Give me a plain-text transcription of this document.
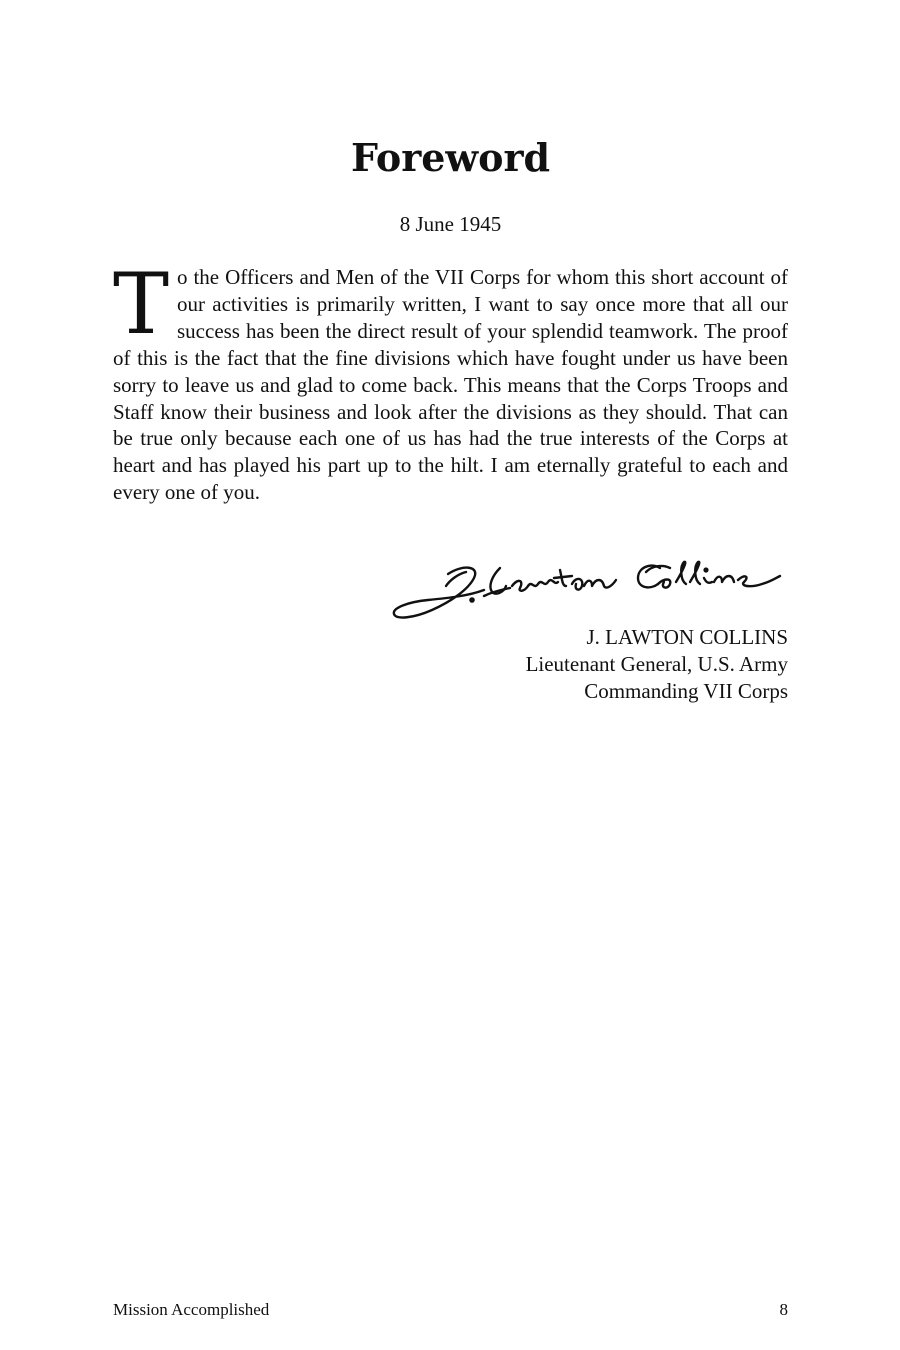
Foreword
8 June 1945

To the Officers and Men of the VII Corps for whom this short account of our activities is primarily written, I want to say once more that all our success has been the direct result of your splendid teamwork. The proof of this is the fact that the fine divisions which have fought under us have been sorry to leave us and glad to come back. This means that the Corps Troops and Staff know their business and look after the divisions as they should. That can be true only because each one of us has had the true interests of the Corps at heart and has played his part up to the hilt. I am eternally grateful to each and every one of you.

J. LAWTON COLLINS
Lieutenant General, U.S. Army
Commanding VII Corps
Mission Accomplished	8
